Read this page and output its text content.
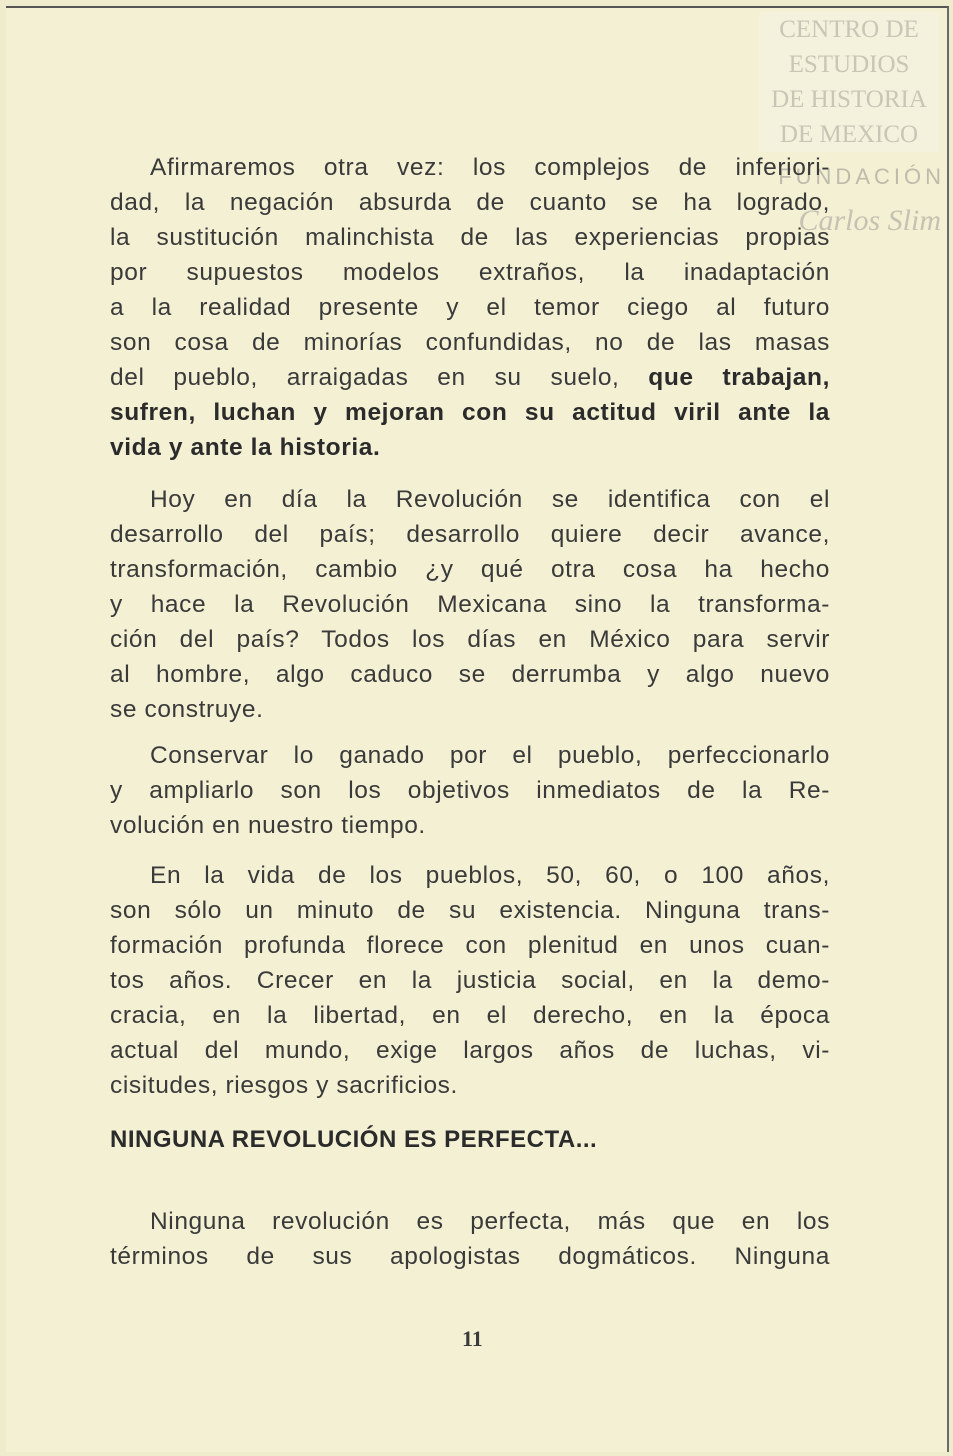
CENTRO DE
ESTUDIOS
DE HISTORIA
DE MEXICO
FUNDACIÓN
Carlos Slim
Afirmaremos otra vez: los complejos de inferiori-
dad, la negación absurda de cuanto se ha logrado,
la sustitución malinchista de las experiencias propias
por supuestos modelos extraños, la inadaptación
a la realidad presente y el temor ciego al futuro
son cosa de minorías confundidas, no de las masas
del pueblo, arraigadas en su suelo, que trabajan,
sufren, luchan y mejoran con su actitud viril ante la
vida y ante la historia.
Hoy en día la Revolución se identifica con el
desarrollo del país; desarrollo quiere decir avance,
transformación, cambio ¿y qué otra cosa ha hecho
y hace la Revolución Mexicana sino la transforma-
ción del país? Todos los días en México para servir
al hombre, algo caduco se derrumba y algo nuevo
se construye.
Conservar lo ganado por el pueblo, perfeccionarlo
y ampliarlo son los objetivos inmediatos de la Re-
volución en nuestro tiempo.
En la vida de los pueblos, 50, 60, o 100 años,
son sólo un minuto de su existencia. Ninguna trans-
formación profunda florece con plenitud en unos cuan-
tos años. Crecer en la justicia social, en la demo-
cracia, en la libertad, en el derecho, en la época
actual del mundo, exige largos años de luchas, vi-
cisitudes, riesgos y sacrificios.
NINGUNA REVOLUCIÓN ES PERFECTA...
Ninguna revolución es perfecta, más que en los
términos de sus apologistas dogmáticos. Ninguna
11
